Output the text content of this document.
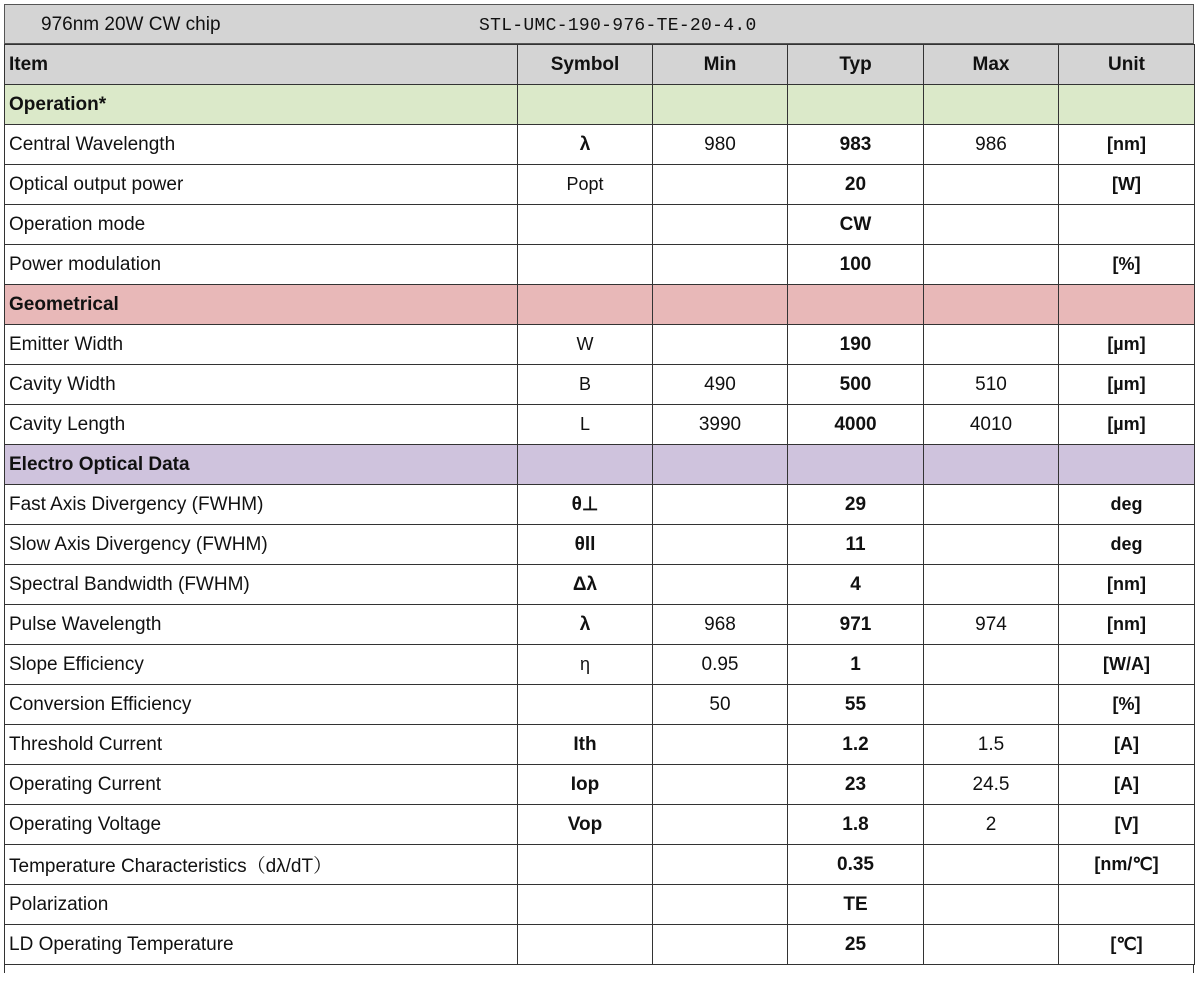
976nm 20W CW chip	STL-UMC-190-976-TE-20-4.0
Item	Symbol	Min	Typ	Max	Unit
Operation*					
Central Wavelength	λ	980	983	986	[nm]
Optical output power	Popt		20		[W]
Operation mode			CW		
Power modulation			100		[%]
Geometrical					
Emitter Width	W		190		[µm]
Cavity Width	B	490	500	510	[µm]
Cavity Length	L	3990	4000	4010	[µm]
Electro Optical Data					
Fast Axis Divergency (FWHM)	θ⊥		29		deg
Slow Axis Divergency (FWHM)	θll		11		deg
Spectral Bandwidth (FWHM)	Δλ		4		[nm]
Pulse Wavelength	λ	968	971	974	[nm]
Slope Efficiency	η	0.95	1		[W/A]
Conversion Efficiency		50	55		[%]
Threshold Current	Ith		1.2	1.5	[A]
Operating Current	Iop		23	24.5	[A]
Operating Voltage	Vop		1.8	2	[V]
Temperature Characteristics（dλ/dT）			0.35		[nm/℃]
Polarization			TE		
LD Operating Temperature			25		[℃]
